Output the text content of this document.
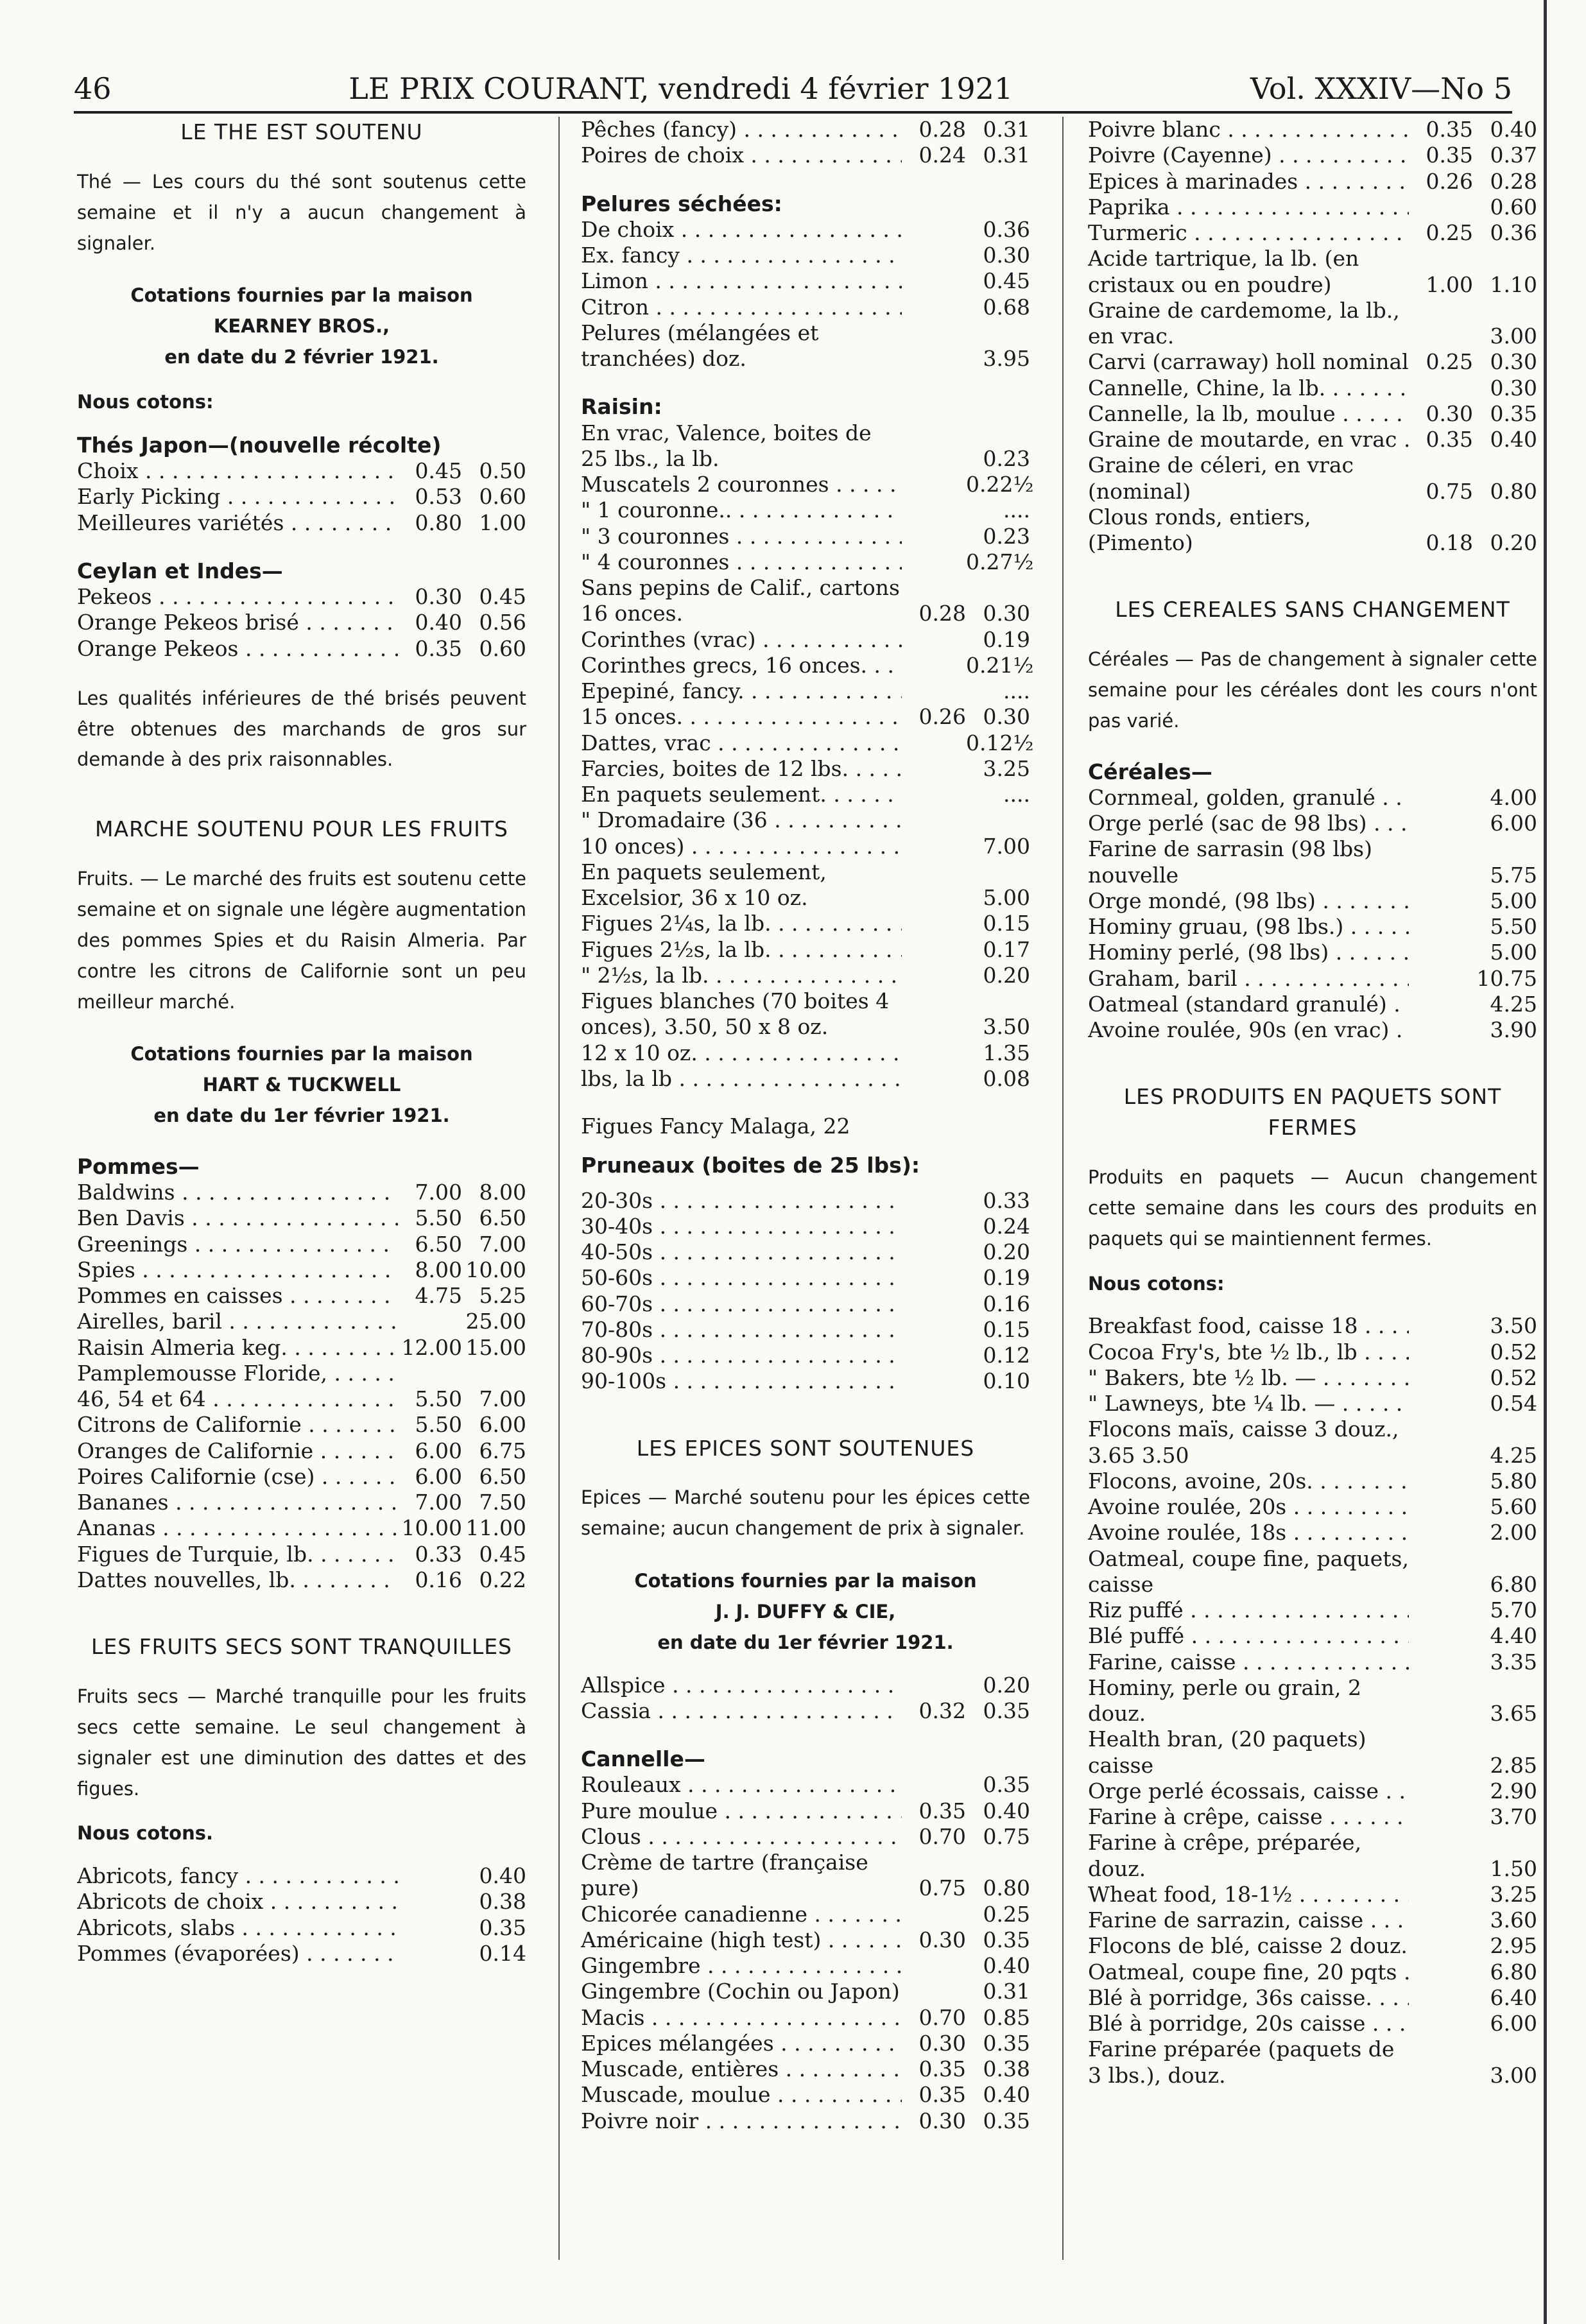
46	LE PRIX COURANT, vendredi 4 février 1921	Vol. XXXIV—No 5
LE THE EST SOUTENU
Thé — Les cours du thé sont soutenus cette semaine et il n'y a aucun changement à signaler.
Cotations fournies par la maison
KEARNEY BROS.,
en date du 2 février 1921.
Nous cotons:
Thés Japon—(nouvelle récolte)
Choix . . .	0.45 0.50
Early Picking . . .	0.53 0.60
Meilleures variétés . . .	0.80 1.00
Ceylan et Indes—
Pekeos . . .	0.30 0.45
Orange Pekeos brisé . . .	0.40 0.56
Orange Pekeos . . .	0.35 0.60
Les qualités inférieures de thé brisés peuvent être obtenues des marchands de gros sur demande à des prix raisonnables.
MARCHE SOUTENU POUR LES FRUITS
Fruits. — Le marché des fruits est soutenu cette semaine et on signale une légère augmentation des pommes Spies et du Raisin Almeria. Par contre les citrons de Californie sont un peu meilleur marché.
Cotations fournies par la maison
HART & TUCKWELL
en date du 1er février 1921.
Pommes—
Baldwins . . .	7.00 8.00
Ben Davis . . .	5.50 6.50
Greenings . . .	6.50 7.00
Spies . . .	8.00 10.00
Pommes en caisses . . .	4.75 5.25
Airelles, baril . . .	25.00
Raisin Almeria keg. . . .	12.00 15.00
Pamplemousse Floride, . . .
46, 54 et 64 . . .	5.50 7.00
Citrons de Californie . . .	5.50 6.00
Oranges de Californie . . .	6.00 6.75
Poires Californie (cse) . . .	6.00 6.50
Bananes . . .	7.00 7.50
Ananas . . .	10.00 11.00
Figues de Turquie, lb. . . .	0.33 0.45
Dattes nouvelles, lb. . . .	0.16 0.22
LES FRUITS SECS SONT TRANQUILLES
Fruits secs — Marché tranquille pour les fruits secs cette semaine. Le seul changement à signaler est une diminution des dattes et des figues.
Nous cotons.
Abricots, fancy . . .	0.40
Abricots de choix . . .	0.38
Abricots, slabs . . .	0.35
Pommes (évaporées) . . .	0.14
Pêches (fancy) . . .	0.28 0.31
Poires de choix . . .	0.24 0.31
Pelures séchées:
De choix . . .	0.36
Ex. fancy . . .	0.30
Limon . . .	0.45
Citron . . .	0.68
Pelures (mélangées et tranchées) doz.	3.95
Raisin:
En vrac, Valence, boites de 25 lbs., la lb.	0.23
Muscatels 2 couronnes . . .	0.22½
" 1 couronne.. . . .	....
" 3 couronnes . . .	0.23
" 4 couronnes . . .	0.27½
Sans pepins de Calif., cartons 16 onces.	0.28 0.30
Corinthes (vrac) . . .	0.19
Corinthes grecs, 16 onces. . . .	0.21½
Epepiné, fancy. . . .	....
15 onces. . . .	0.26 0.30
Dattes, vrac . . .	0.12½
Farcies, boites de 12 lbs. . . .	3.25
En paquets seulement. . . .	....
" Dromadaire (36 . . .
10 onces) . . .	7.00
En paquets seulement, Excelsior, 36 x 10 oz.	5.00
Figues 2¼s, la lb. . . .	0.15
Figues 2½s, la lb. . . .	0.17
" 2½s, la lb. . . .	0.20
Figues blanches (70 boites 4 onces), 3.50, 50 x 8 oz.	3.50
12 x 10 oz. . . .	1.35
lbs, la lb . . .	0.08
Figues Fancy Malaga, 22
Pruneaux (boites de 25 lbs):
20-30s . . .	0.33
30-40s . . .	0.24
40-50s . . .	0.20
50-60s . . .	0.19
60-70s . . .	0.16
70-80s . . .	0.15
80-90s . . .	0.12
90-100s . . .	0.10
LES EPICES SONT SOUTENUES
Epices — Marché soutenu pour les épices cette semaine; aucun changement de prix à signaler.
Cotations fournies par la maison
J. J. DUFFY & CIE,
en date du 1er février 1921.
Allspice . . .	0.20
Cassia . . .	0.32 0.35
Cannelle—
Rouleaux . . .	0.35
Pure moulue . . .	0.35 0.40
Clous . . .	0.70 0.75
Crème de tartre (française pure)	0.75 0.80
Chicorée canadienne . . .	0.25
Américaine (high test) . . .	0.30 0.35
Gingembre . . .	0.40
Gingembre (Cochin ou Japon) . . .	0.31
Macis . . .	0.70 0.85
Epices mélangées . . .	0.30 0.35
Muscade, entières . . .	0.35 0.38
Muscade, moulue . . .	0.35 0.40
Poivre noir . . .	0.30 0.35
Poivre blanc . . .	0.35 0.40
Poivre (Cayenne) . . .	0.35 0.37
Epices à marinades . . .	0.26 0.28
Paprika . . .	0.60
Turmeric . . .	0.25 0.36
Acide tartrique, la lb. (en cristaux ou en poudre)	1.00 1.10
Graine de cardemome, la lb., en vrac.	3.00
Carvi (carraway) holl nominal . . . 0.25 0.30
Cannelle, Chine, la lb. . . .	0.30
Cannelle, la lb, moulue . . .	0.30 0.35
Graine de moutarde, en vrac . . .	0.35 0.40
Graine de céleri, en vrac (nominal)	0.75 0.80
Clous ronds, entiers, (Pimento)	0.18 0.20
LES CEREALES SANS CHANGEMENT
Céréales — Pas de changement à signaler cette semaine pour les céréales dont les cours n'ont pas varié.
Céréales—
Cornmeal, golden, granulé . . .	4.00
Orge perlé (sac de 98 lbs) . . .	6.00
Farine de sarrasin (98 lbs) nouvelle	5.75
Orge mondé, (98 lbs) . . .	5.00
Hominy gruau, (98 lbs.) . . .	5.50
Hominy perlé, (98 lbs) . . .	5.00
Graham, baril . . .	10.75
Oatmeal (standard granulé) . . .	4.25
Avoine roulée, 90s (en vrac) . . .	3.90
LES PRODUITS EN PAQUETS SONT FERMES
Produits en paquets — Aucun changement cette semaine dans les cours des produits en paquets qui se maintiennent fermes.
Nous cotons:
Breakfast food, caisse 18 . . .	3.50
Cocoa Fry's, bte ½ lb., lb . . .	0.52
" Bakers, bte ½ lb. — . . .	0.52
" Lawneys, bte ¼ lb. — . . .	0.54
Flocons maïs, caisse 3 douz., 3.65 3.50	4.25
Flocons, avoine, 20s. . . .	5.80
Avoine roulée, 20s . . .	5.60
Avoine roulée, 18s . . .	2.00
Oatmeal, coupe fine, paquets, caisse	6.80
Riz puffé . . .	5.70
Blé puffé . . .	4.40
Farine, caisse . . .	3.35
Hominy, perle ou grain, 2 douz.	3.65
Health bran, (20 paquets) caisse	2.85
Orge perlé écossais, caisse . . .	2.90
Farine à crêpe, caisse . . .	3.70
Farine à crêpe, préparée, douz.	1.50
Wheat food, 18-1½ . . .	3.25
Farine de sarrazin, caisse . . .	3.60
Flocons de blé, caisse 2 douz. . . .	2.95
Oatmeal, coupe fine, 20 pqts . . .	6.80
Blé à porridge, 36s caisse. . . .	6.40
Blé à porridge, 20s caisse . . .	6.00
Farine préparée (paquets de 3 lbs.), douz.	3.00
